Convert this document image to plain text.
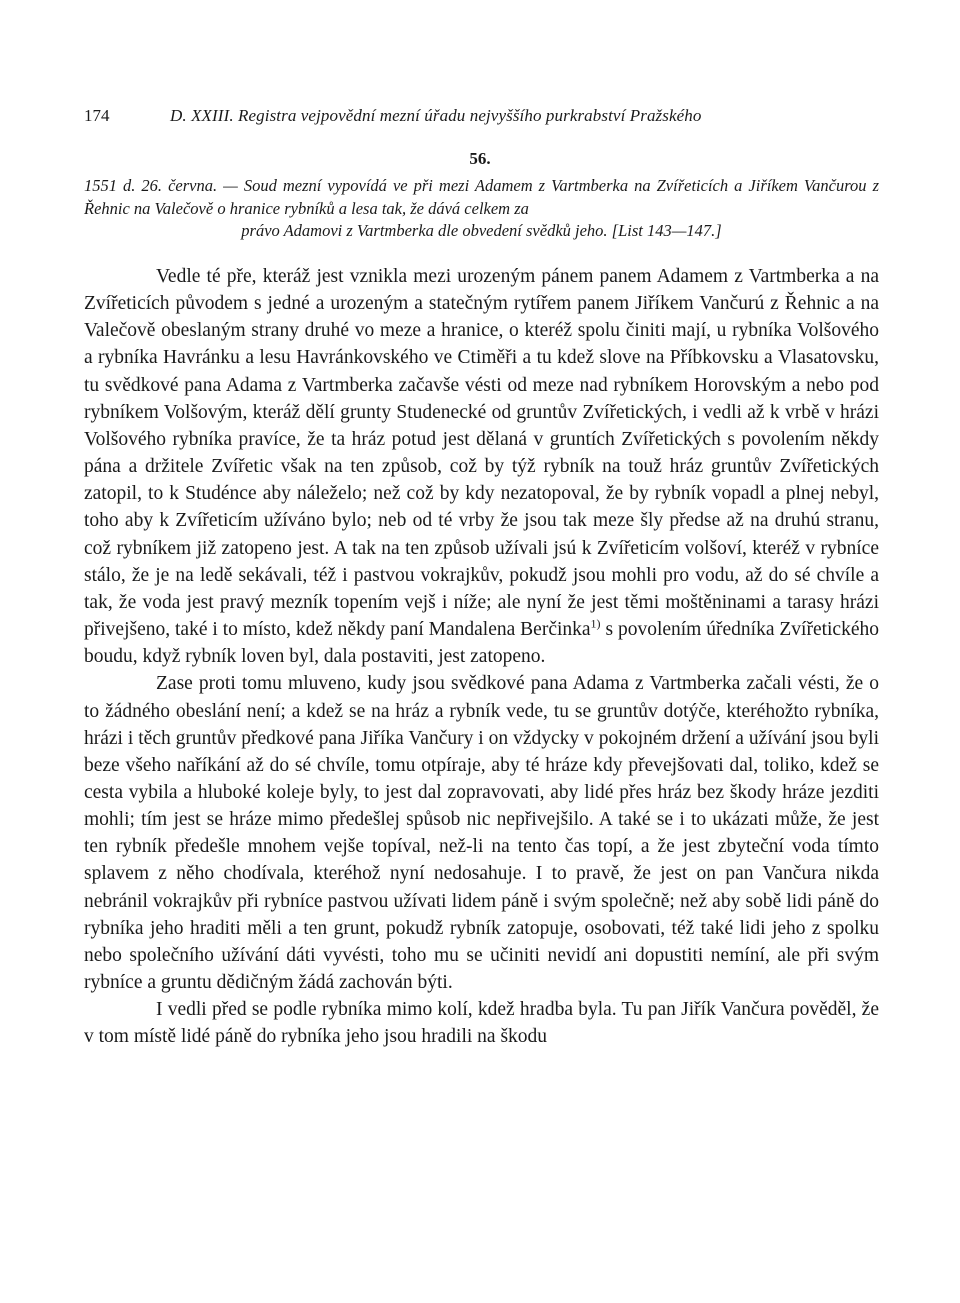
174	D. XXIII. Registra vejpovědní mezní úřadu nejvyššího purkrabství Pražského
56.
1551 d. 26. června. — Soud mezní vypovídá ve při mezi Adamem z Vartmberka na Zvířeticích a Jiříkem Vančurou z Řehnic na Valečově o hranice rybníků a lesa tak, že dává celkem za
právo Adamovi z Vartmberka dle obvedení svědků jeho. [List 143—147.]

Vedle té pře, kteráž jest vznikla mezi urozeným pánem panem Adamem z Vartmberka a na Zvířeticích původem s jedné a urozeným a statečným rytířem panem Jiříkem Vančurú z Řehnic a na Valečově obeslaným strany druhé vo meze a hranice, o kteréž spolu činiti mají, u rybníka Volšového a rybníka Havránku a lesu Havránkovského ve Ctiměři a tu kdež slove na Příbkovsku a Vlasatovsku, tu svědkové pana Adama z Vartmberka začavše vésti od meze nad rybníkem Horovským a nebo pod rybníkem Volšovým, kteráž dělí grunty Studenecké od gruntův Zvířetických, i vedli až k vrbě v hrázi Volšového rybníka pravíce, že ta hráz potud jest dělaná v gruntích Zvířetických s povolením někdy pána a držitele Zvířetic však na ten způsob, což by týž rybník na touž hráz gruntův Zvířetických zatopil, to k Studénce aby náleželo; než což by kdy nezatopoval, že by rybník vopadl a plnej nebyl, toho aby k Zvířeticím užíváno bylo; neb od té vrby že jsou tak meze šly předse až na druhú stranu, což rybníkem již zatopeno jest. A tak na ten způsob užívali jsú k Zvířeticím volšoví, kteréž v rybníce stálo, že je na ledě sekávali, též i pastvou vokrajkův, pokudž jsou mohli pro vodu, až do sé chvíle a tak, že voda jest pravý mezník topením vejš i níže; ale nyní že jest těmi moštěninami a tarasy hrázi přivejšeno, také i to místo, kdež někdy paní Mandalena Berčinka$^{1)}$ s povolením úředníka Zvířetického boudu, když rybník loven byl, dala postaviti, jest zatopeno.

Zase proti tomu mluveno, kudy jsou svědkové pana Adama z Vartmberka začali vésti, že o to žádného obeslání není; a kdež se na hráz a rybník vede, tu se gruntův dotýče, kteréhožto rybníka, hrázi i těch gruntův předkové pana Jiříka Vančury i on vždycky v pokojném držení a užívání jsou byli beze všeho naříkání až do sé chvíle, tomu otpíraje, aby té hráze kdy převejšovati dal, toliko, kdež se cesta vybila a hluboké koleje byly, to jest dal zopravovati, aby lidé přes hráz bez škody hráze jezditi mohli; tím jest se hráze mimo předešlej spůsob nic nepřivejšilo. A také se i to ukázati může, že jest ten rybník předešle mnohem vejše topíval, než-li na tento čas topí, a že jest zbyteční voda tímto splavem z něho chodívala, kteréhož nyní nedosahuje. I to pravě, že jest on pan Vančura nikda nebránil vokrajkův při rybníce pastvou užívati lidem páně i svým společně; než aby sobě lidi páně do rybníka jeho hraditi měli a ten grunt, pokudž rybník zatopuje, osobovati, též také lidi jeho z spolku nebo společního užívání dáti vyvésti, toho mu se učiniti nevidí ani dopustiti nemíní, ale při svým rybníce a gruntu dědičným žádá zachován býti.

I vedli před se podle rybníka mimo kolí, kdež hradba byla. Tu pan Jiřík Vančura pověděl, že v tom místě lidé páně do rybníka jeho jsou hradili na škodu
